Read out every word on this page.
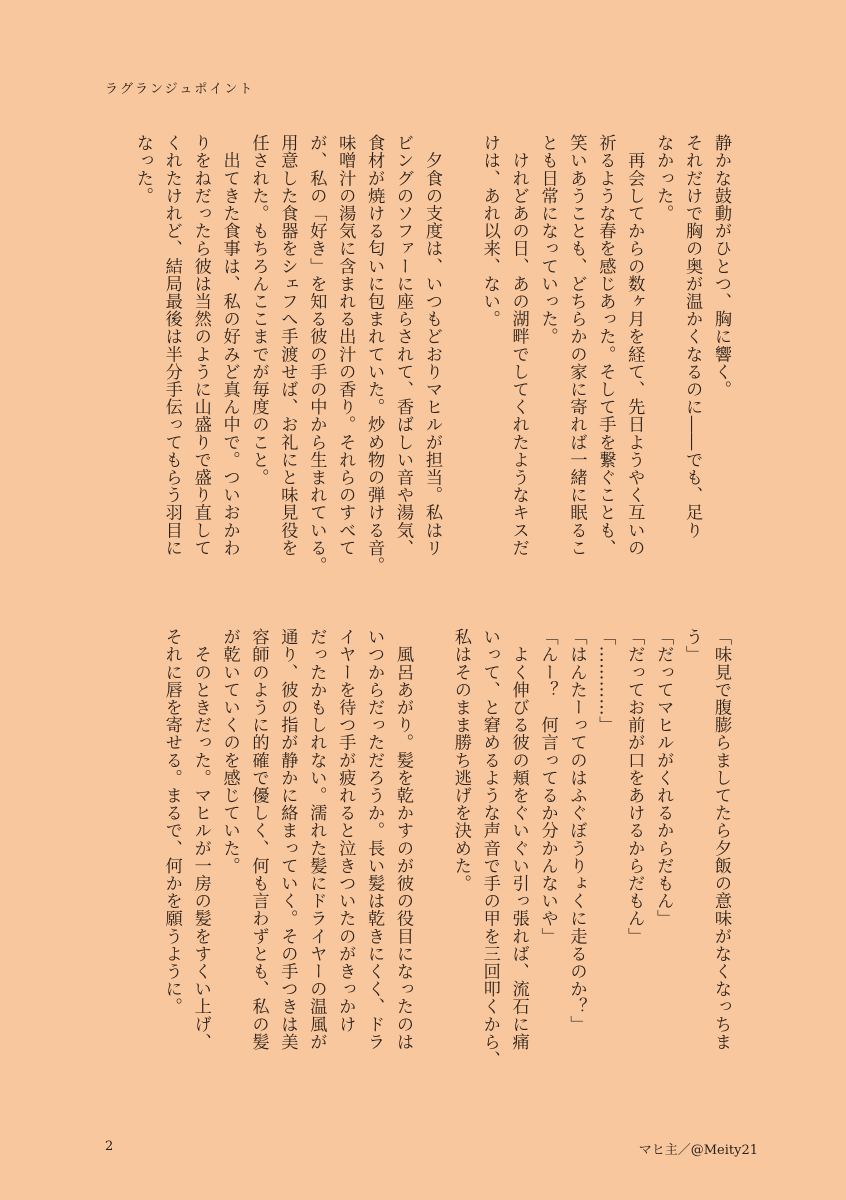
ラグランジュポイント

静かな鼓動がひとつ、胸に響く。

それだけで胸の奥が温かくなるのに――でも、足り

なかった。

　再会してからの数ヶ月を経て、先日ようやく互いの

祈るような春を感じあった。そして手を繋ぐことも、

笑いあうことも、どちらかの家に寄れば一緒に眠るこ

とも日常になっていった。

　けれどあの日、あの湖畔でしてくれたようなキスだ

けは、あれ以来、ない。

　夕食の支度は、いつもどおりマヒルが担当。私はリ

ビングのソファーに座らされて、香ばしい音や湯気、

食材が焼ける匂いに包まれていた。炒め物の弾ける音。

味噌汁の湯気に含まれる出汁の香り。それらのすべて

が、私の「好き」を知る彼の手の中から生まれている。

用意した食器をシェフへ手渡せば、お礼にと味見役を

任された。もちろんここまでが毎度のこと。

　出てきた食事は、私の好みど真ん中で。ついおかわ

りをねだったら彼は当然のように山盛りで盛り直して

くれたけれど、結局最後は半分手伝ってもらう羽目に

なった。

「味見で腹膨らましてたら夕飯の意味がなくなっちま

う」

「だってマヒルがくれるからだもん」

「だってお前が口をあけるからだもん」

「…………」

「はんたーってのはふぐぼうりょくに走るのか？」

「んー？　何言ってるか分かんないや」

　よく伸びる彼の頬をぐいぐい引っ張れば、流石に痛

いって、と窘めるような声音で手の甲を三回叩くから、

私はそのまま勝ち逃げを決めた。

　風呂あがり。髪を乾かすのが彼の役目になったのは

いつからだっただろうか。長い髪は乾きにくく、ドラ

イヤーを待つ手が疲れると泣きついたのがきっかけ

だったかもしれない。濡れた髪にドライヤーの温風が

通り、彼の指が静かに絡まっていく。その手つきは美

容師のように的確で優しく、何も言わずとも、私の髪

が乾いていくのを感じていた。

　そのときだった。マヒルが一房の髪をすくい上げ、

それに唇を寄せる。まるで、何かを願うように。

2	マヒ主／@Meity21
